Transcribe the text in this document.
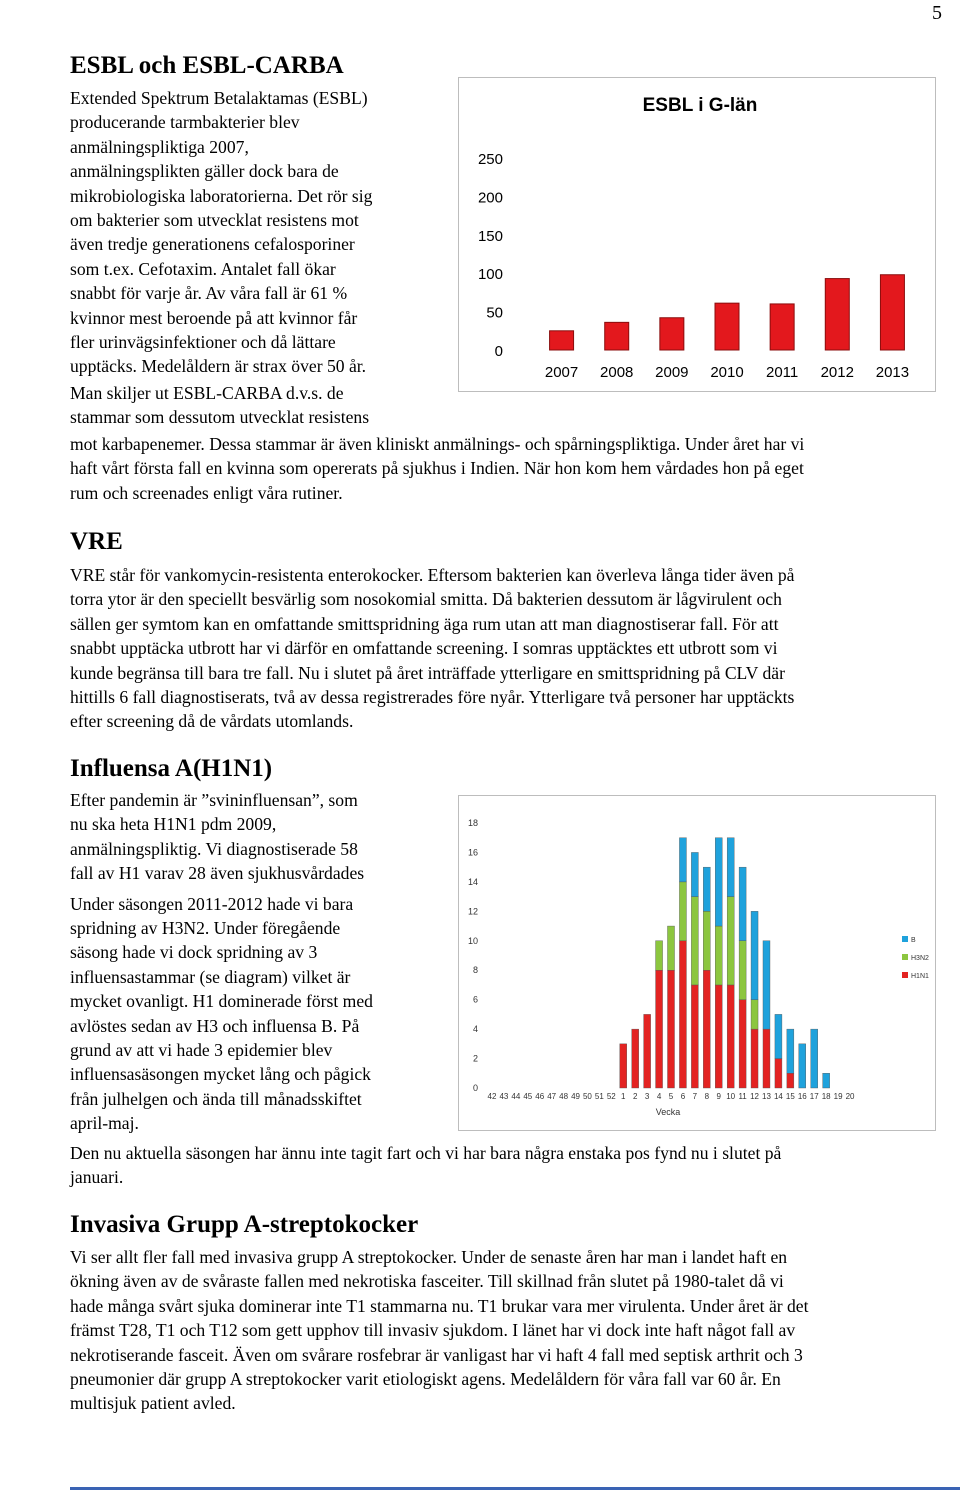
5
ESBL och ESBL-CARBA

Extended Spektrum Betalaktamas (ESBL)

producerande tarmbakterier blev

anmälningspliktiga 2007,

anmälningsplikten gäller dock bara de

mikrobiologiska laboratorierna. Det rör sig

om bakterier som utvecklat resistens mot

även tredje generationens cefalosporiner

som t.ex. Cefotaxim. Antalet fall ökar

snabbt för varje år. Av våra fall är 61 %

kvinnor mest beroende på att kvinnor får

fler urinvägsinfektioner och då lättare

upptäcks. Medelåldern är strax över 50 år.

Man skiljer ut ESBL-CARBA d.v.s. de

stammar som dessutom utvecklat resistens

mot karbapenemer. Dessa stammar är även kliniskt anmälnings- och spårningspliktiga. Under året har vi

haft vårt första fall en kvinna som opererats på sjukhus i Indien. När hon kom hem vårdades hon på eget

rum och screenades enligt våra rutiner.

ESBL i G-län
0
50
100
150
200
250
2007 2008 2009 2010 2011 2012 2013
VRE

VRE står för vankomycin-resistenta enterokocker. Eftersom bakterien kan överleva långa tider även på

torra ytor är den speciellt besvärlig som nosokomial smitta. Då bakterien dessutom är lågvirulent och

sällen ger symtom kan en omfattande smittspridning äga rum utan att man diagnostiserar fall. För att

snabbt upptäcka utbrott har vi därför en omfattande screening. I somras upptäcktes ett utbrott som vi

kunde begränsa till bara tre fall. Nu i slutet på året inträffade ytterligare en smittspridning på CLV där

hittills 6 fall diagnostiserats, två av dessa registrerades före nyår. Ytterligare två personer har upptäckts

efter screening då de vårdats utomlands.

Influensa A(H1N1)

Efter pandemin är ”svininfluensan”, som

nu ska heta H1N1 pdm 2009,

anmälningspliktig. Vi diagnostiserade 58

fall av H1 varav 28 även sjukhusvårdades

Under säsongen 2011-2012 hade vi bara

spridning av H3N2. Under föregående

säsong hade vi dock spridning av 3

influensastammar (se diagram) vilket är

mycket ovanligt. H1 dominerade först med

avlöstes sedan av H3 och influensa B. På

grund av att vi hade 3 epidemier blev

influensasäsongen mycket lång och pågick

från julhelgen och ända till månadsskiftet

april-maj.

0
2
4
6
8
10
12
14
16
18
42 43 44 45 46 47 48 49 50 51 52 1 2 3 4 5 6 7 8 9 10 11 12 13 14 15 16 17 18 19 20
Vecka
B
H3N2
H1N1

Den nu aktuella säsongen har ännu inte tagit fart och vi har bara några enstaka pos fynd nu i slutet på

januari.

Invasiva Grupp A-streptokocker

Vi ser allt fler fall med invasiva grupp A streptokocker. Under de senaste åren har man i landet haft en

ökning även av de svåraste fallen med nekrotiska fasceiter. Till skillnad från slutet på 1980-talet då vi

hade många svårt sjuka dominerar inte T1 stammarna nu. T1 brukar vara mer virulenta. Under året är det

främst T28, T1 och T12 som gett upphov till invasiv sjukdom. I länet har vi dock inte haft något fall av

nekrotiserande fasceit. Även om svårare rosfebrar är vanligast har vi haft 4 fall med septisk arthrit och 3

pneumonier där grupp A streptokocker varit etiologiskt agens. Medelåldern för våra fall var 60 år. En

multisjuk patient avled.
